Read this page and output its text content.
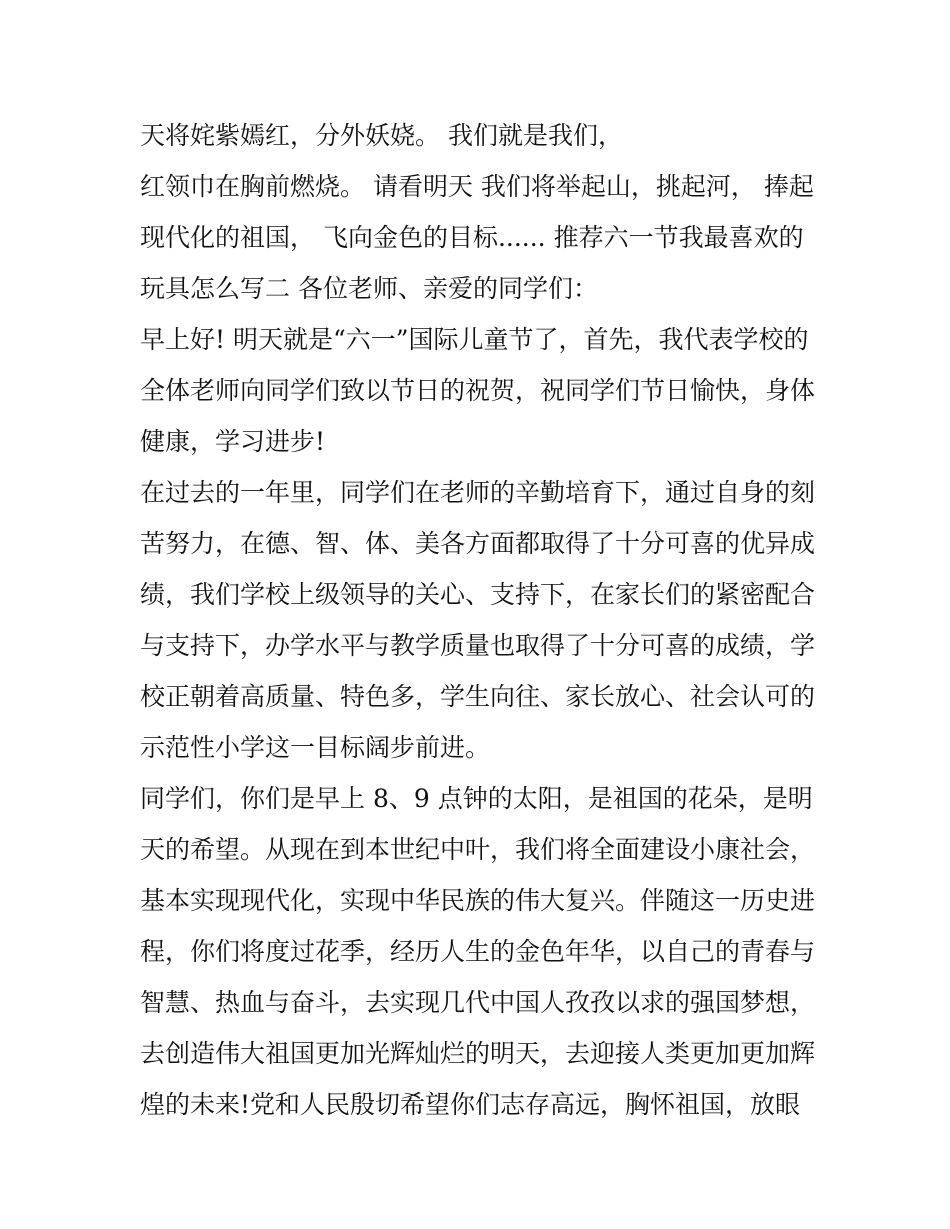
天将姹紫嫣红，分外妖娆。 我们就是我们，
红领巾在胸前燃烧。 请看明天 我们将举起山，挑起河， 捧起
现代化的祖国， 飞向金色的目标...... 推荐六一节我最喜欢的
玩具怎么写二 各位老师、亲爱的同学们：
早上好! 明天就是“六一”国际儿童节了，首先，我代表学校的
全体老师向同学们致以节日的祝贺，祝同学们节日愉快，身体
健康，学习进步!
在过去的一年里，同学们在老师的辛勤培育下，通过自身的刻
苦努力，在德、智、体、美各方面都取得了十分可喜的优异成
绩，我们学校上级领导的关心、支持下，在家长们的紧密配合
与支持下，办学水平与教学质量也取得了十分可喜的成绩，学
校正朝着高质量、特色多，学生向往、家长放心、社会认可的
示范性小学这一目标阔步前进。
同学们，你们是早上 8、9 点钟的太阳，是祖国的花朵，是明
天的希望。从现在到本世纪中叶，我们将全面建设小康社会，
基本实现现代化，实现中华民族的伟大复兴。伴随这一历史进
程，你们将度过花季，经历人生的金色年华，以自己的青春与
智慧、热血与奋斗，去实现几代中国人孜孜以求的强国梦想，
去创造伟大祖国更加光辉灿烂的明天，去迎接人类更加更加辉
煌的未来!党和人民殷切希望你们志存高远，胸怀祖国，放眼
